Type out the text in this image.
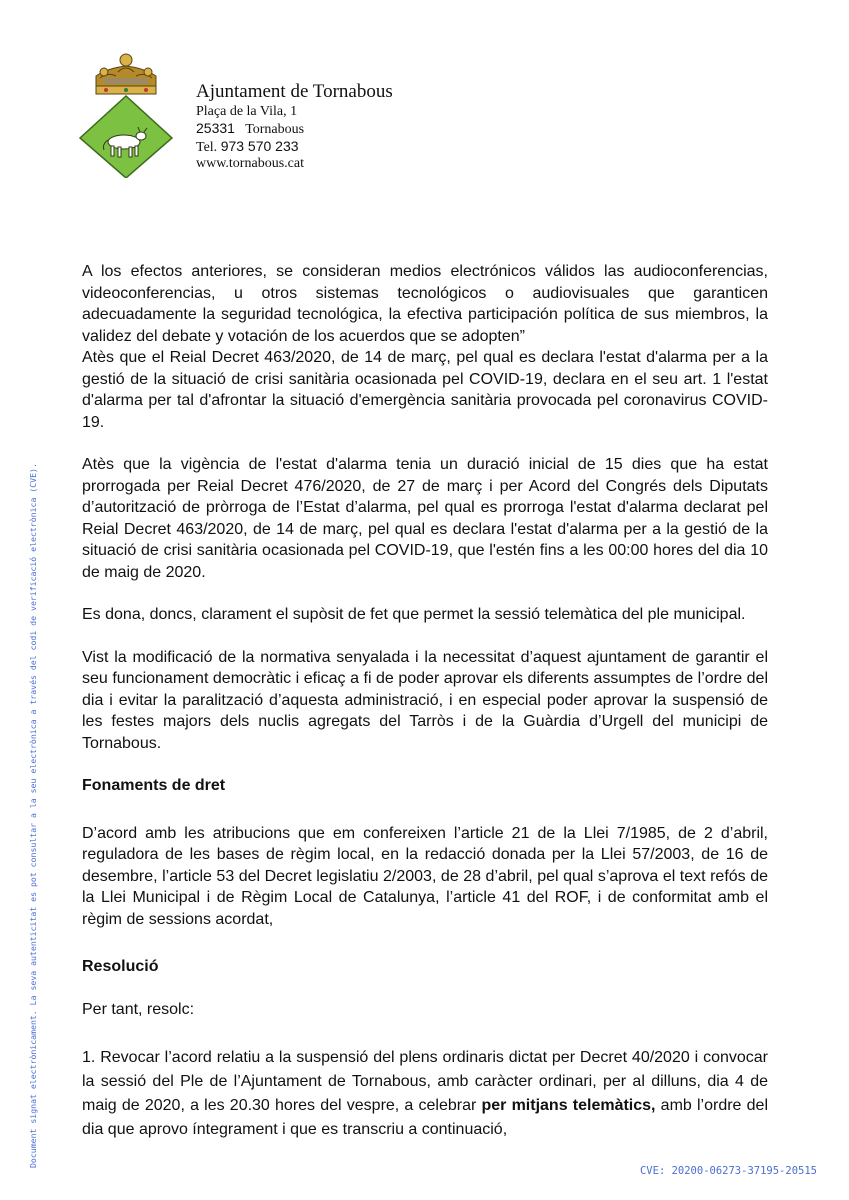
Ajuntament de Tornabous
Plaça de la Vila, 1
25331 Tornabous
Tel. 973 570 233
www.tornabous.cat

A los efectos anteriores, se consideran medios electrónicos válidos las audioconferencias, videoconferencias, u otros sistemas tecnológicos o audiovisuales que garanticen adecuadamente la seguridad tecnológica, la efectiva participación política de sus miembros, la validez del debate y votación de los acuerdos que se adopten”

Atès que el Reial Decret 463/2020, de 14 de març, pel qual es declara l'estat d'alarma per a la gestió de la situació de crisi sanitària ocasionada pel COVID-19, declara en el seu art. 1 l'estat d'alarma per tal d'afrontar la situació d'emergència sanitària provocada pel coronavirus COVID-19.

Atès que la vigència de l'estat d'alarma tenia un duració inicial de 15 dies que ha estat prorrogada per Reial Decret 476/2020, de 27 de març i per Acord del Congrés dels Diputats d’autorització de pròrroga de l’Estat d’alarma, pel qual es prorroga l'estat d'alarma declarat pel Reial Decret 463/2020, de 14 de març, pel qual es declara l'estat d'alarma per a la gestió de la situació de crisi sanitària ocasionada pel COVID-19, que l'estén fins a les 00:00 hores del dia 10 de maig de 2020.

Es dona, doncs, clarament el supòsit de fet que permet la sessió telemàtica del ple municipal.

Vist la modificació de la normativa senyalada i la necessitat d’aquest ajuntament de garantir el seu funcionament democràtic i eficaç a fi de poder aprovar els diferents assumptes de l’ordre del dia i evitar la paralització d’aquesta administració, i en especial poder aprovar la suspensió de les festes majors dels nuclis agregats del Tarròs i de la Guàrdia d’Urgell del municipi de Tornabous.

Fonaments de dret

D’acord amb les atribucions que em confereixen l’article 21 de la Llei 7/1985, de 2 d’abril, reguladora de les bases de règim local, en la redacció donada per la Llei 57/2003, de 16 de desembre, l’article 53 del Decret legislatiu 2/2003, de 28 d’abril, pel qual s’aprova el text refós de la Llei Municipal i de Règim Local de Catalunya, l’article 41 del ROF, i de conformitat amb el règim de sessions acordat,

Resolució

Per tant, resolc:

1. Revocar l’acord relatiu a la suspensió del plens ordinaris dictat per Decret 40/2020 i convocar la sessió del Ple de l’Ajuntament de Tornabous, amb caràcter ordinari, per al dilluns, dia 4 de maig de 2020, a les 20.30 hores del vespre, a celebrar per mitjans telemàtics, amb l’ordre del dia que aprovo íntegrament i que es transcriu a continuació,

Document signat electrònicament. La seva autenticitat es pot consultar a la seu electrònica a través del codi de verificació electrònica (CVE).
CVE: 20200-06273-37195-20515
